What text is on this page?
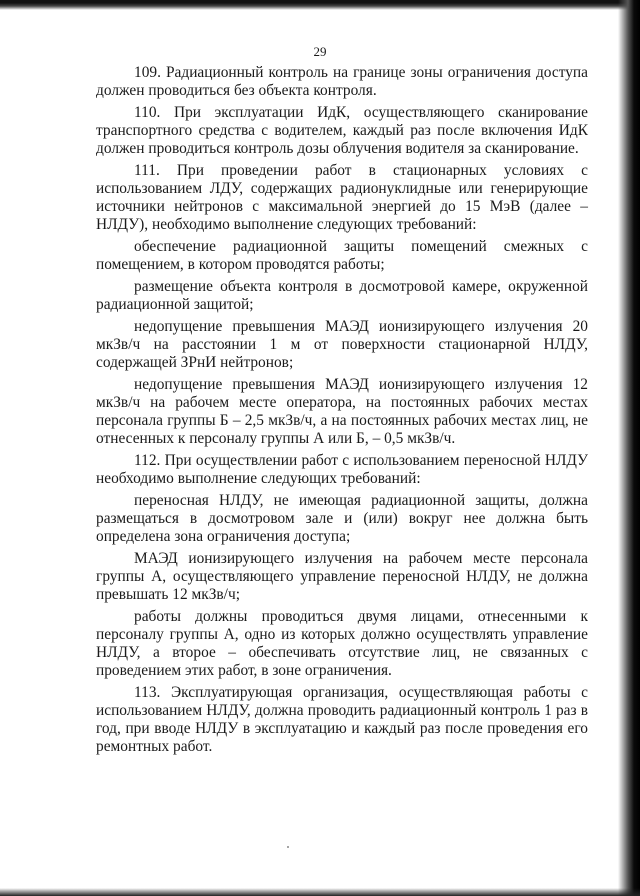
29

109. Радиационный контроль на границе зоны ограничения доступа должен проводиться без объекта контроля.

110. При эксплуатации ИдК, осуществляющего сканирование транспортного средства с водителем, каждый раз после включения ИдК должен проводиться контроль дозы облучения водителя за сканирование.

111. При проведении работ в стационарных условиях с использованием ЛДУ, содержащих радионуклидные или генерирующие источники нейтронов с максимальной энергией до 15 МэВ (далее – НЛДУ), необходимо выполнение следующих требований:

обеспечение радиационной защиты помещений смежных с помещением, в котором проводятся работы;

размещение объекта контроля в досмотровой камере, окруженной радиационной защитой;

недопущение превышения МАЭД ионизирующего излучения 20 мкЗв/ч на расстоянии 1 м от поверхности стационарной НЛДУ, содержащей ЗРнИ нейтронов;

недопущение превышения МАЭД ионизирующего излучения 12 мкЗв/ч на рабочем месте оператора, на постоянных рабочих местах персонала группы Б – 2,5 мкЗв/ч, а на постоянных рабочих местах лиц, не отнесенных к персоналу группы А или Б, – 0,5 мкЗв/ч.

112. При осуществлении работ с использованием переносной НЛДУ необходимо выполнение следующих требований:

переносная НЛДУ, не имеющая радиационной защиты, должна размещаться в досмотровом зале и (или) вокруг нее должна быть определена зона ограничения доступа;

МАЭД ионизирующего излучения на рабочем месте персонала группы А, осуществляющего управление переносной НЛДУ, не должна превышать 12 мкЗв/ч;

работы должны проводиться двумя лицами, отнесенными к персоналу группы А, одно из которых должно осуществлять управление НЛДУ, а второе – обеспечивать отсутствие лиц, не связанных с проведением этих работ, в зоне ограничения.

113. Эксплуатирующая организация, осуществляющая работы с использованием НЛДУ, должна проводить радиационный контроль 1 раз в год, при вводе НЛДУ в эксплуатацию и каждый раз после проведения его ремонтных работ.
